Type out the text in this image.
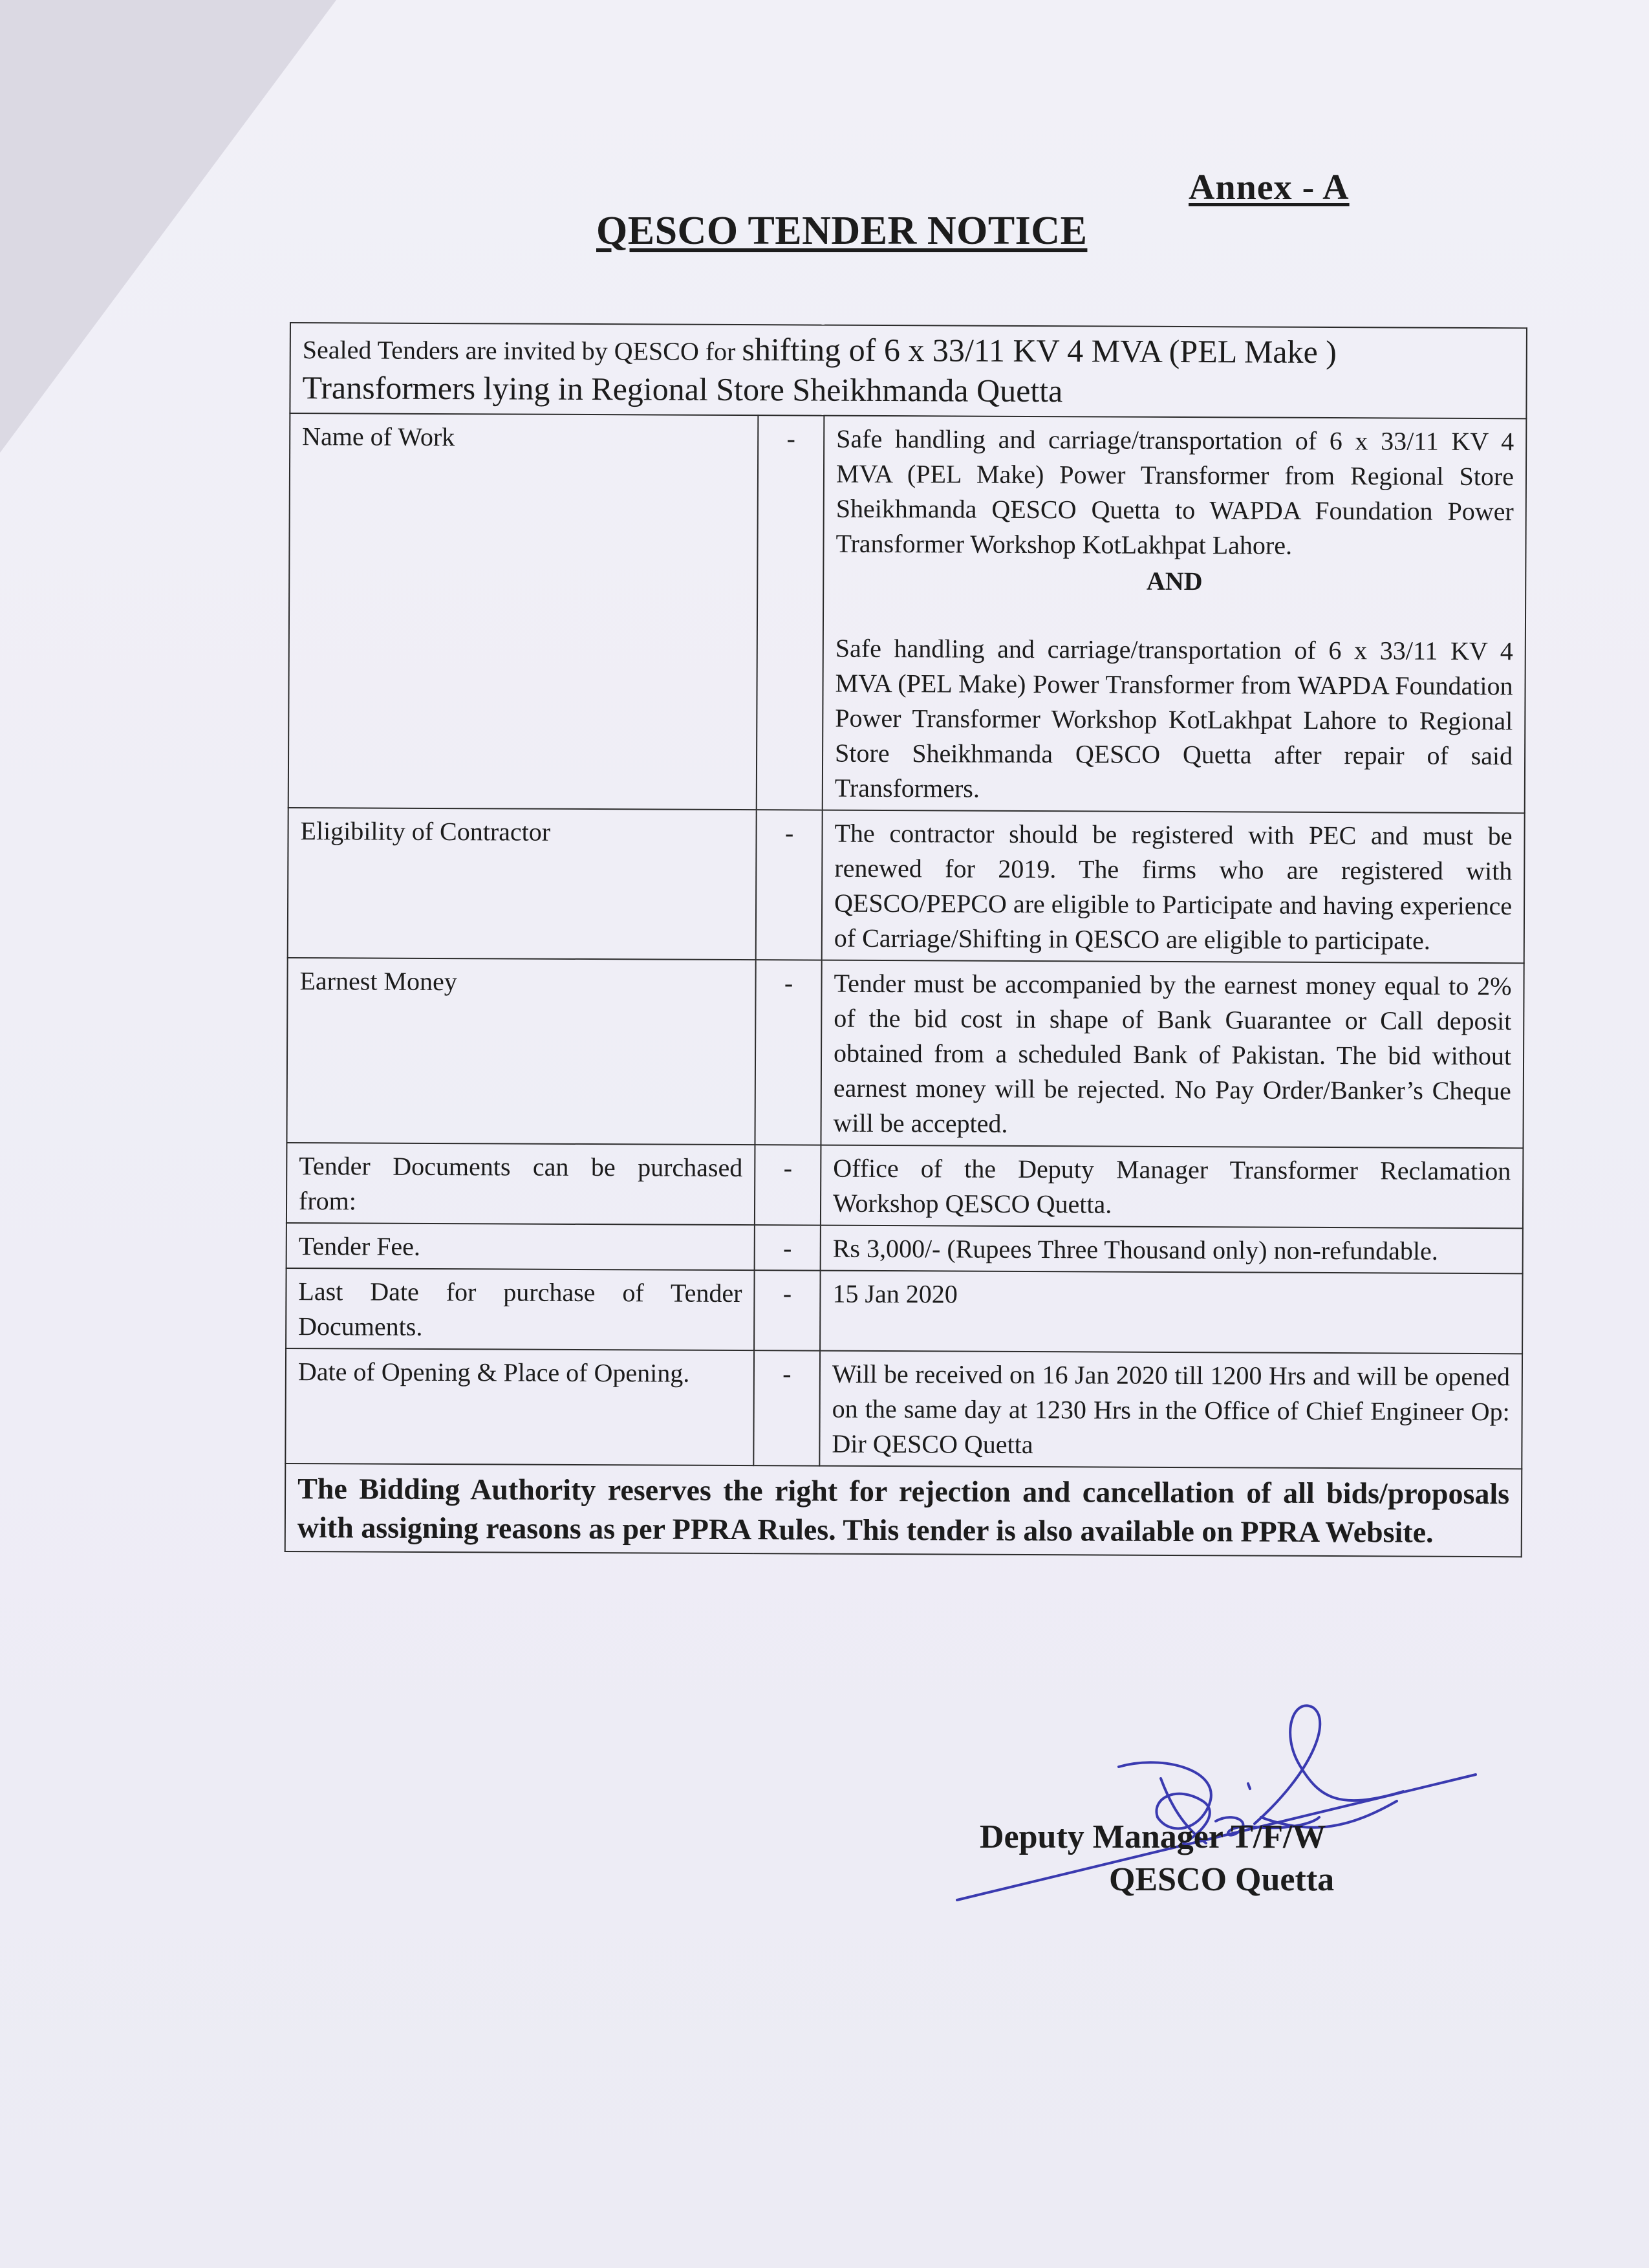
Annex - A
QESCO TENDER NOTICE
Sealed Tenders are invited by QESCO for shifting of 6 x 33/11 KV 4 MVA (PEL Make )
Transformers lying in Regional Store Sheikhmanda Quetta		
Name of Work	-	Safe handling and carriage/transportation of 6 x 33/11 KV 4 MVA (PEL Make) Power Transformer from Regional Store Sheikhmanda QESCO Quetta to WAPDA Foundation Power Transformer Workshop KotLakhpat Lahore.
AND
Safe handling and carriage/transportation of 6 x 33/11 KV 4 MVA (PEL Make) Power Transformer from WAPDA Foundation Power Transformer Workshop KotLakhpat Lahore to Regional Store Sheikhmanda QESCO Quetta after repair of said Transformers.

Eligibility of Contractor	-	The contractor should be registered with PEC and must be renewed for 2019. The firms who are registered with QESCO/PEPCO are eligible to Participate and having experience of Carriage/Shifting in QESCO are eligible to participate.
Earnest Money	-	Tender must be accompanied by the earnest money equal to 2% of the bid cost in shape of Bank Guarantee or Call deposit obtained from a scheduled Bank of Pakistan. The bid without earnest money will be rejected. No Pay Order/Banker’s Cheque will be accepted.
Tender Documents can be purchased from:	-	Office of the Deputy Manager Transformer Reclamation Workshop QESCO Quetta.
Tender Fee.	-	Rs 3,000/- (Rupees Three Thousand only) non-refundable.
Last Date for purchase of Tender Documents.	-	15 Jan 2020
Date of Opening & Place of Opening.	-	Will be received on 16 Jan 2020 till 1200 Hrs and will be opened on the same day at 1230 Hrs in the Office of Chief Engineer Op: Dir QESCO Quetta
The Bidding Authority reserves the right for rejection and cancellation of all bids/proposals with assigning reasons as per PPRA Rules. This tender is also available on PPRA Website.		
Deputy Manager T/F/W
QESCO Quetta
